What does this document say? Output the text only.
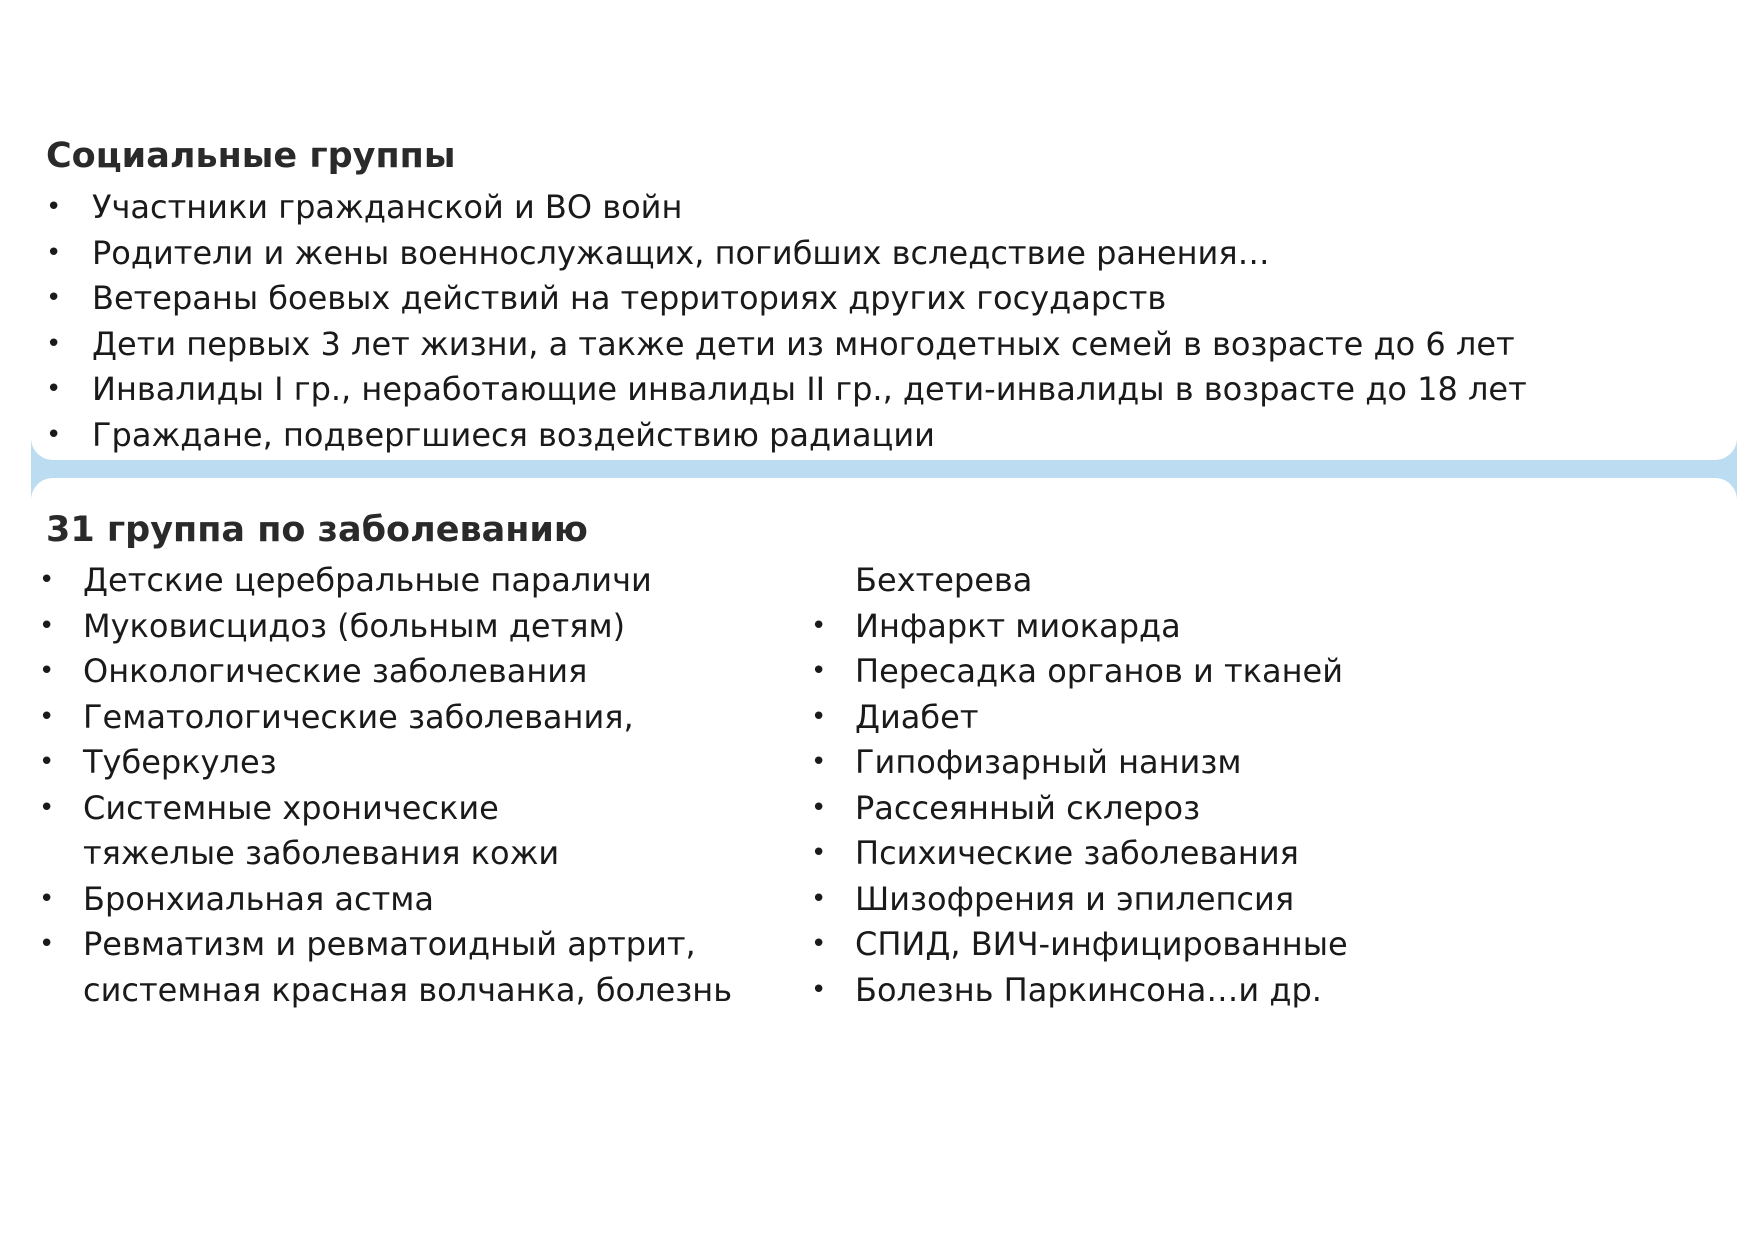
Социальные группы
• Участники гражданской и ВО войн
• Родители и жены военнослужащих, погибших вследствие ранения…
• Ветераны боевых действий на территориях других государств
• Дети первых 3 лет жизни, а также дети из многодетных семей в возрасте до 6 лет
• Инвалиды I гр., неработающие инвалиды II гр., дети-инвалиды в возрасте до 18 лет
• Граждане, подвергшиеся воздействию радиации
31 группа по заболеванию
• Детские церебральные параличи
• Муковисцидоз (больным детям)
• Онкологические заболевания
• Гематологические заболевания,
• Туберкулез
• Системные хронические
тяжелые заболевания кожи
• Бронхиальная астма
• Ревматизм и ревматоидный артрит,
системная красная волчанка, болезнь
Бехтерева
• Инфаркт миокарда
• Пересадка органов и тканей
• Диабет
• Гипофизарный нанизм
• Рассеянный склероз
• Психические заболевания
• Шизофрения и эпилепсия
• СПИД, ВИЧ-инфицированные
• Болезнь Паркинсона…и др.
